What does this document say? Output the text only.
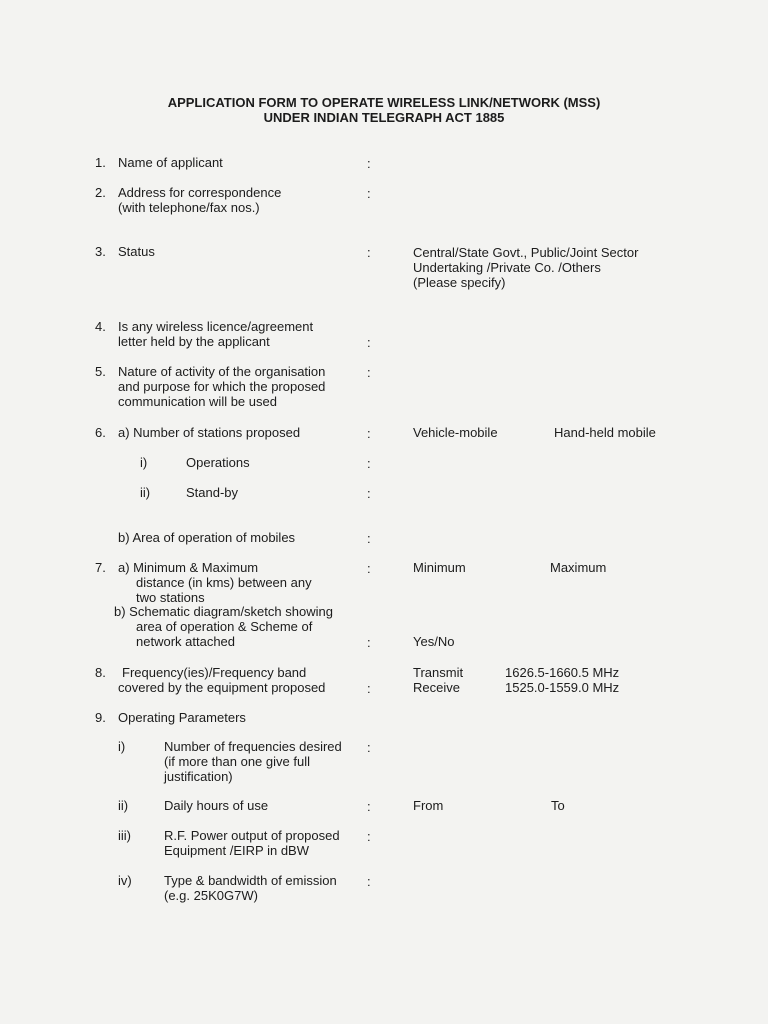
APPLICATION FORM TO OPERATE WIRELESS LINK/NETWORK (MSS)
UNDER INDIAN TELEGRAPH ACT 1885
1. Name of applicant	:
2. Address for correspondence
(with telephone/fax nos.)
:
3. Status	:	Central/State Govt., Public/Joint Sector
Undertaking /Private Co. /Others
(Please specify)
4. Is any wireless licence/agreement
letter held by the applicant	:
5. Nature of activity of the organisation
and purpose for which the proposed
communication will be used
:
6. a) Number of stations proposed	:	Vehicle-mobile	Hand-held mobile
i)	Operations	:
ii)	Stand-by	:
b) Area of operation of mobiles	:
7. a) Minimum & Maximum
distance (in kms) between any
two stations
:	Minimum	Maximum
b) Schematic diagram/sketch showing
area of operation & Scheme of
network attached	:	Yes/No
8. Frequency(ies)/Frequency band
covered by the equipment proposed	:
Transmit	1626.5-1660.5 MHz
Receive	1525.0-1559.0 MHz
9. Operating Parameters
i)	Number of frequencies desired
(if more than one give full
justification)
:
ii)	Daily hours of use	:	From	To
iii)	R.F. Power output of proposed
Equipment /EIRP in dBW
:
iv) Type & bandwidth of emission
(e.g. 25K0G7W)
:
